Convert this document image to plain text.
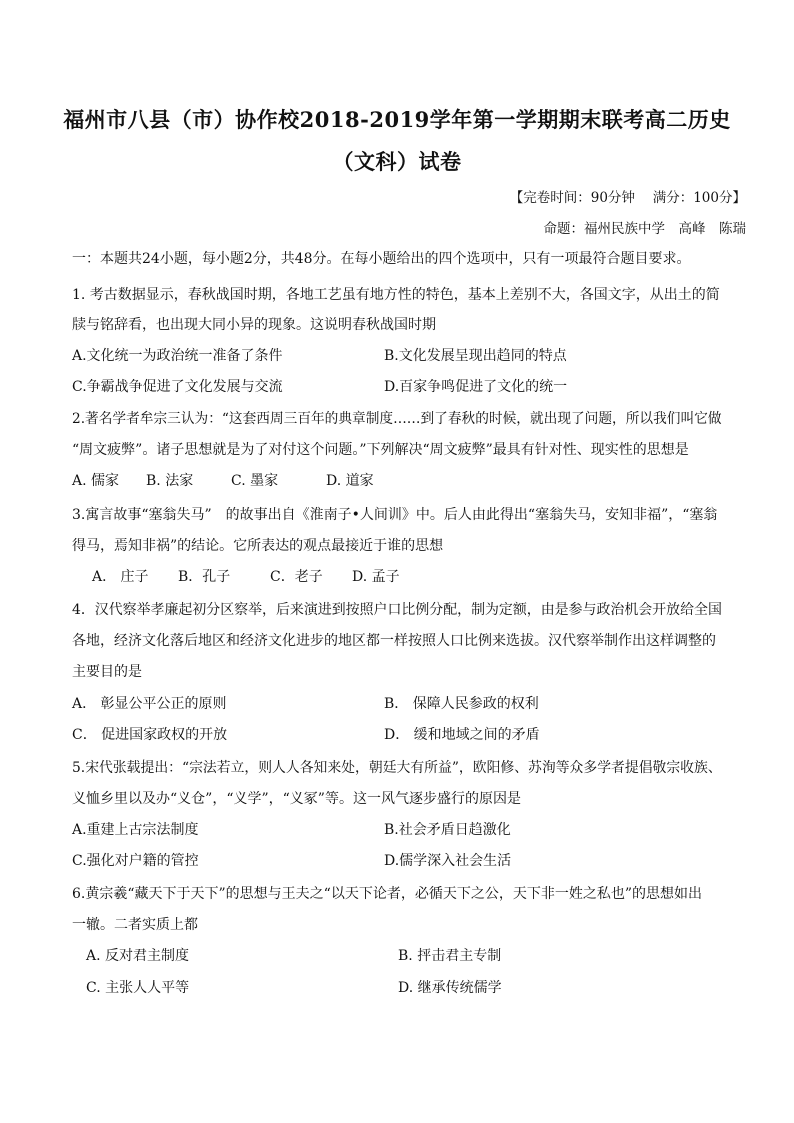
福州市八县（市）协作校2018-2019学年第一学期期末联考高二历史
（文科）试卷
【完卷时间：90分钟　 满分：100分】
命题：福州民族中学　高峰　陈瑞
一：本题共24小题，每小题2分，共48分。在每小题给出的四个选项中，只有一项最符合题目要求。
1. 考古数据显示，春秋战国时期，各地工艺虽有地方性的特色，基本上差别不大，各国文字，从出土的简
牍与铭辞看，也出现大同小异的现象。这说明春秋战国时期
A.文化统一为政治统一准备了条件	B.文化发展呈现出趋同的特点
C.争霸战争促进了文化发展与交流	D.百家争鸣促进了文化的统一
2.著名学者牟宗三认为：“这套西周三百年的典章制度……到了春秋的时候，就出现了问题，所以我们叫它做
“周文疲弊”。诸子思想就是为了对付这个问题。”下列解决“周文疲弊”最具有针对性、现实性的思想是
A. 儒家 B. 法家	C. 墨家	D. 道家
3.寓言故事“塞翁失马”　的故事出自《淮南子•人间训》中。后人由此得出“塞翁失马，安知非福”，“塞翁
得马，焉知非祸”的结论。它所表达的观点最接近于谁的思想
A． 庄子 B．孔子	C．老子 D. 孟子
4．汉代察举孝廉起初分区察举，后来演进到按照户口比例分配，制为定额，由是参与政治机会开放给全国
各地，经济文化落后地区和经济文化进步的地区都一样按照人口比例来选拔。汉代察举制作出这样调整的
主要目的是
A． 彰显公平公正的原则	B． 保障人民参政的权利
C． 促进国家政权的开放	D． 缓和地域之间的矛盾
5.宋代张载提出：“宗法若立，则人人各知来处，朝廷大有所益”，欧阳修、苏洵等众多学者提倡敬宗收族、
义恤乡里以及办“义仓”，“义学”，“义冢”等。这一风气逐步盛行的原因是
A.重建上古宗法制度	B.社会矛盾日趋激化
C.强化对户籍的管控	D.儒学深入社会生活
6.黄宗羲“藏天下于天下”的思想与王夫之“以天下论者，必循天下之公，天下非一姓之私也”的思想如出
一辙。二者实质上都
A. 反对君主制度	B. 抨击君主专制
C. 主张人人平等	D. 继承传统儒学
